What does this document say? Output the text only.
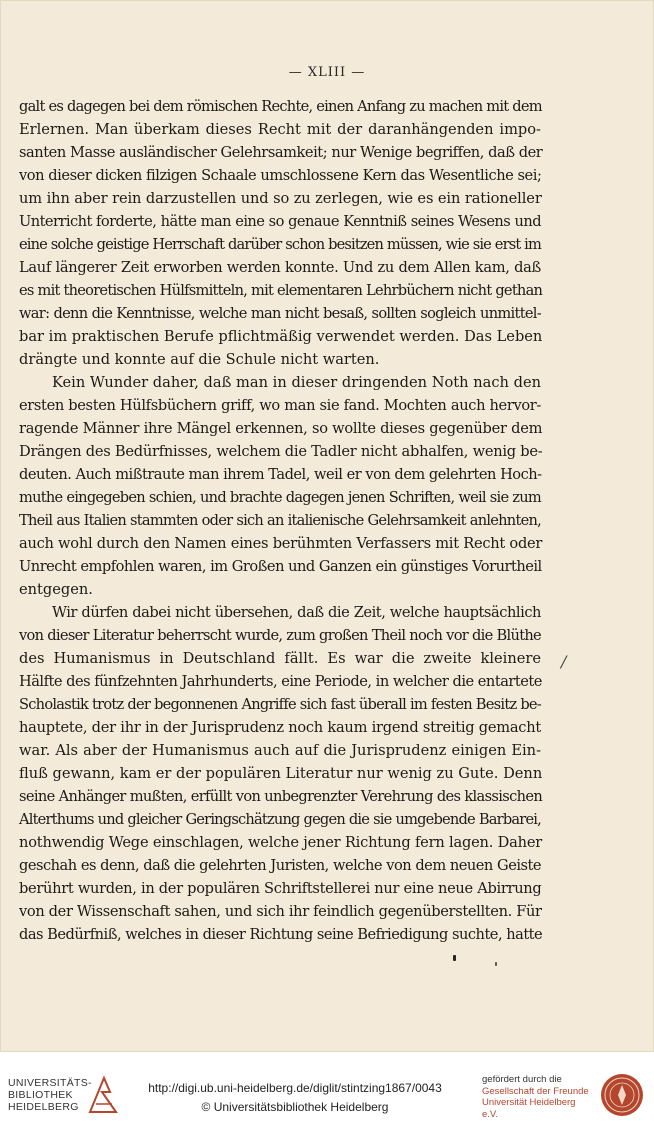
— XLIII —
galt es dagegen bei dem römischen Rechte, einen Anfang zu machen mit dem
Erlernen. Man überkam dieses Recht mit der daranhängenden impo-
santen Masse ausländischer Gelehrsamkeit; nur Wenige begriffen, daß der
von dieser dicken filzigen Schaale umschlossene Kern das Wesentliche sei;
um ihn aber rein darzustellen und so zu zerlegen, wie es ein rationeller
Unterricht forderte, hätte man eine so genaue Kenntniß seines Wesens und
eine solche geistige Herrschaft darüber schon besitzen müssen, wie sie erst im
Lauf längerer Zeit erworben werden konnte. Und zu dem Allen kam, daß
es mit theoretischen Hülfsmitteln, mit elementaren Lehrbüchern nicht gethan
war: denn die Kenntnisse, welche man nicht besaß, sollten sogleich unmittel-
bar im praktischen Berufe pflichtmäßig verwendet werden. Das Leben
drängte und konnte auf die Schule nicht warten.
Kein Wunder daher, daß man in dieser dringenden Noth nach den
ersten besten Hülfsbüchern griff, wo man sie fand. Mochten auch hervor-
ragende Männer ihre Mängel erkennen, so wollte dieses gegenüber dem
Drängen des Bedürfnisses, welchem die Tadler nicht abhalfen, wenig be-
deuten. Auch mißtraute man ihrem Tadel, weil er von dem gelehrten Hoch-
muthe eingegeben schien, und brachte dagegen jenen Schriften, weil sie zum
Theil aus Italien stammten oder sich an italienische Gelehrsamkeit anlehnten,
auch wohl durch den Namen eines berühmten Verfassers mit Recht oder
Unrecht empfohlen waren, im Großen und Ganzen ein günstiges Vorurtheil
entgegen.
Wir dürfen dabei nicht übersehen, daß die Zeit, welche hauptsächlich
von dieser Literatur beherrscht wurde, zum großen Theil noch vor die Blüthe
des Humanismus in Deutschland fällt. Es war die zweite kleinere
Hälfte des fünfzehnten Jahrhunderts, eine Periode, in welcher die entartete
Scholastik trotz der begonnenen Angriffe sich fast überall im festen Besitz be-
hauptete, der ihr in der Jurisprudenz noch kaum irgend streitig gemacht
war. Als aber der Humanismus auch auf die Jurisprudenz einigen Ein-
fluß gewann, kam er der populären Literatur nur wenig zu Gute. Denn
seine Anhänger mußten, erfüllt von unbegrenzter Verehrung des klassischen
Alterthums und gleicher Geringschätzung gegen die sie umgebende Barbarei,
nothwendig Wege einschlagen, welche jener Richtung fern lagen. Daher
geschah es denn, daß die gelehrten Juristen, welche von dem neuen Geiste
berührt wurden, in der populären Schriftstellerei nur eine neue Abirrung
von der Wissenschaft sahen, und sich ihr feindlich gegenüberstellten. Für
das Bedürfniß, welches in dieser Richtung seine Befriedigung suchte, hatte
/
UNIVERSITÄTS-
BIBLIOTHEK
HEIDELBERG
http://digi.ub.uni-heidelberg.de/diglit/stintzing1867/0043
© Universitätsbibliothek Heidelberg
gefördert durch die
Gesellschaft der Freunde
Universität Heidelberg e.V.
